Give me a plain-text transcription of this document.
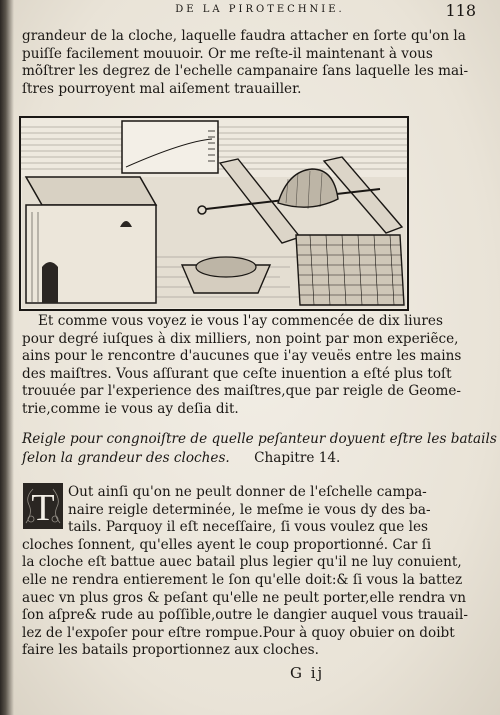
DE LA PIROTECHNIE.	118
grandeur de la cloche, laquelle faudra attacher en ſorte qu'on la
puiſſe facilement mouuoir. Or me reſte-il maintenant à vous
mõſtrer les degrez de l'echelle campanaire ſans laquelle les mai-
ſtres pourroyent mal aiſement trauailler.
Et comme vous voyez ie vous l'ay commencée de dix liures
pour degré iuſques à dix milliers, non point par mon experiẽce,
ains pour le rencontre d'aucunes que i'ay veuës entre les mains
des maiſtres. Vous aſſurant que ceſte inuention a eſté plus toſt
trouuée par l'experience des maiſtres,que par reigle de Geome-
trie,comme ie vous ay deſia dit.
Reigle pour congnoiſtre de quelle peſanteur doyuent eſtre les batails
ſelon la grandeur des cloches. Chapitre 14.
T Out ainſi qu'on ne peult donner de l'eſchelle campa-
naire reigle determinée, le meſme ie vous dy des ba-
tails. Parquoy il eſt neceſſaire, ſi vous voulez que les
cloches ſonnent, qu'elles ayent le coup proportionné. Car ſi
la cloche eſt battue auec batail plus legier qu'il ne luy conuient,
elle ne rendra entierement le ſon qu'elle doit:& ſi vous la battez
auec vn plus gros & peſant qu'elle ne peult porter,elle rendra vn
ſon aſpre& rude au poſſible,outre le dangier auquel vous trauail-
lez de l'expoſer pour eſtre rompue.Pour à quoy obuier on doibt
faire les batails proportionnez aux cloches.
G ij
